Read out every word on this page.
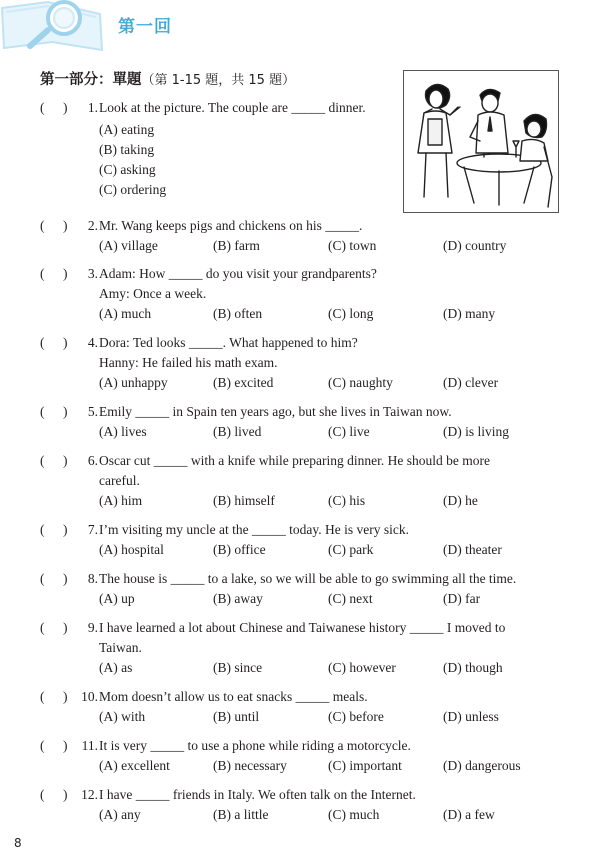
第一回
第一部分：單題（第 1-15 題，共 15 題）
( )	1. Look at the picture. The couple are _____ dinner.
(A) eating
(B) taking
(C) asking
(C) ordering
( )	2. Mr. Wang keeps pigs and chickens on his _____.
(A) village	(B) farm	(C) town	(D) country
( )	3. Adam: How _____ do you visit your grandparents?
Amy: Once a week.
(A) much	(B) often	(C) long	(D) many
( )	4. Dora: Ted looks _____. What happened to him?
Hanny: He failed his math exam.
(A) unhappy	(B) excited	(C) naughty	(D) clever
( )	5. Emily _____ in Spain ten years ago, but she lives in Taiwan now.
(A) lives	(B) lived	(C) live	(D) is living
( )	6. Oscar cut _____ with a knife while preparing dinner. He should be more
careful.
(A) him	(B) himself	(C) his	(D) he
( )	7. I’m visiting my uncle at the _____ today. He is very sick.
(A) hospital	(B) office	(C) park	(D) theater
( )	8. The house is _____ to a lake, so we will be able to go swimming all the time.
(A) up	(B) away	(C) next	(D) far
( )	9. I have learned a lot about Chinese and Taiwanese history _____ I moved to
Taiwan.
(A) as	(B) since	(C) however	(D) though
( ) 10. Mom doesn’t allow us to eat snacks _____ meals.
(A) with	(B) until	(C) before	(D) unless
( ) 11. It is very _____ to use a phone while riding a motorcycle.
(A) excellent	(B) necessary	(C) important	(D) dangerous
( ) 12. I have _____ friends in Italy. We often talk on the Internet.
(A) any	(B) a little	(C) much	(D) a few
8
